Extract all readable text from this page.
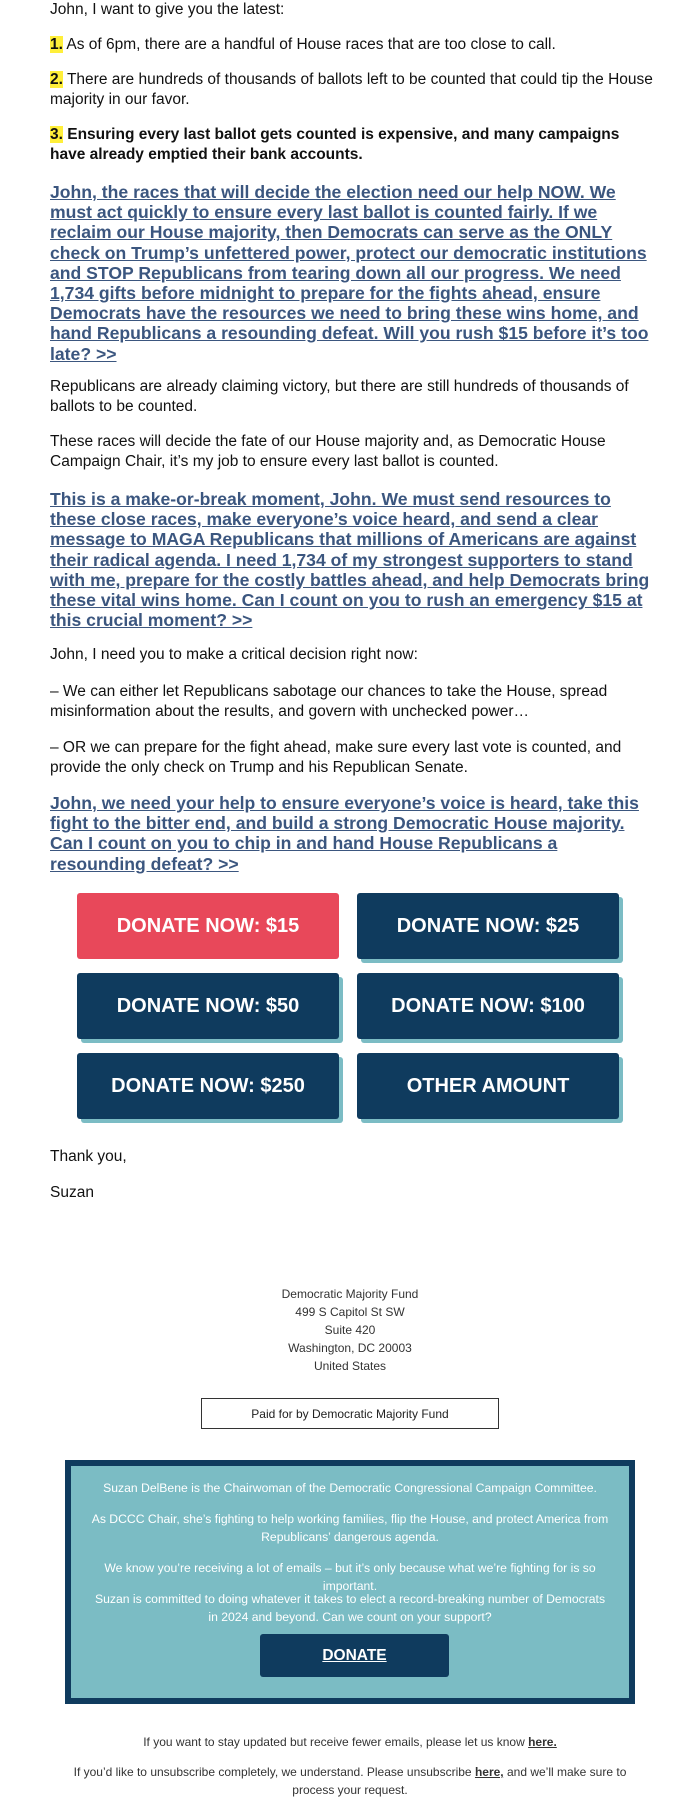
John, I want to give you the latest:

1. As of 6pm, there are a handful of House races that are too close to call.

2. There are hundreds of thousands of ballots left to be counted that could tip the House majority in our favor.

3. Ensuring every last ballot gets counted is expensive, and many campaigns have already emptied their bank accounts.

John, the races that will decide the election need our help NOW. We must act quickly to ensure every last ballot is counted fairly. If we reclaim our House majority, then Democrats can serve as the ONLY check on Trump’s unfettered power, protect our democratic institutions and STOP Republicans from tearing down all our progress. We need 1,734 gifts before midnight to prepare for the fights ahead, ensure Democrats have the resources we need to bring these wins home, and hand Republicans a resounding defeat. Will you rush $15 before it’s too late? >>

Republicans are already claiming victory, but there are still hundreds of thousands of ballots to be counted.

These races will decide the fate of our House majority and, as Democratic House Campaign Chair, it’s my job to ensure every last ballot is counted.

This is a make-or-break moment, John. We must send resources to these close races, make everyone’s voice heard, and send a clear message to MAGA Republicans that millions of Americans are against their radical agenda. I need 1,734 of my strongest supporters to stand with me, prepare for the costly battles ahead, and help Democrats bring these vital wins home. Can I count on you to rush an emergency $15 at this crucial moment? >>

John, I need you to make a critical decision right now:

– We can either let Republicans sabotage our chances to take the House, spread misinformation about the results, and govern with unchecked power…

– OR we can prepare for the fight ahead, make sure every last vote is counted, and provide the only check on Trump and his Republican Senate.

John, we need your help to ensure everyone’s voice is heard, take this fight to the bitter end, and build a strong Democratic House majority. Can I count on you to chip in and hand House Republicans a resounding defeat? >>

Thank you,

Suzan

DONATE NOW: $15	DONATE NOW: $25
DONATE NOW: $50	DONATE NOW: $100
DONATE NOW: $250	OTHER AMOUNT
Democratic Majority Fund
499 S Capitol St SW
Suite 420
Washington, DC 20003
United States
Paid for by Democratic Majority Fund

Suzan DelBene is the Chairwoman of the Democratic Congressional Campaign Committee.

As DCCC Chair, she’s fighting to help working families, flip the House, and protect America from Republicans’ dangerous agenda.

We know you’re receiving a lot of emails – but it’s only because what we’re fighting for is so important.

Suzan is committed to doing whatever it takes to elect a record-breaking number of Democrats in 2024 and beyond. Can we count on your support?

DONATE
If you want to stay updated but receive fewer emails, please let us know here.
If you’d like to unsubscribe completely, we understand. Please unsubscribe here, and we’ll make sure to process your request.
